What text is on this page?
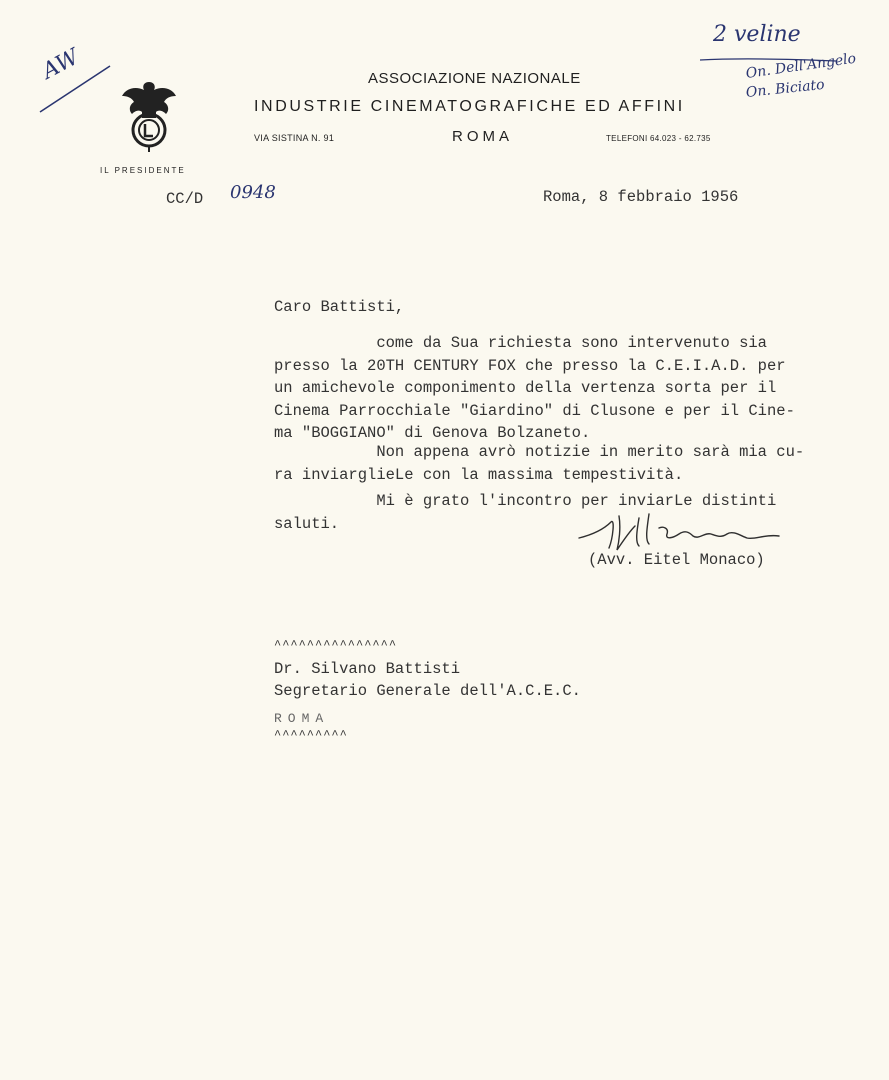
ASSOCIAZIONE NAZIONALE
INDUSTRIE CINEMATOGRAFICHE ED AFFINI
VIA SISTINA N. 91	ROMA	TELEFONI 64.023 - 62.735
IL PRESIDENTE
2 veline
On. Dell'Angelo
On. Biciato
AW
CC/D 0948	Roma, 8 febbraio 1956
Caro Battisti,
come da Sua richiesta sono intervenuto sia
presso la 20TH CENTURY FOX che presso la C.E.I.A.D. per
un amichevole componimento della vertenza sorta per il
Cinema Parrocchiale "Giardino" di Clusone e per il Cine-
ma "BOGGIANO" di Genova Bolzaneto.
Non appena avrò notizie in merito sarà mia cu-
ra inviarglieLe con la massima tempestività.
Mi è grato l'incontro per inviarLe distinti
saluti.
(Avv. Eitel Monaco)
^^^^^^^^^^^^^^^
Dr. Silvano Battisti
Segretario Generale dell'A.C.E.C.
ROMA
^^^^^^^^^
